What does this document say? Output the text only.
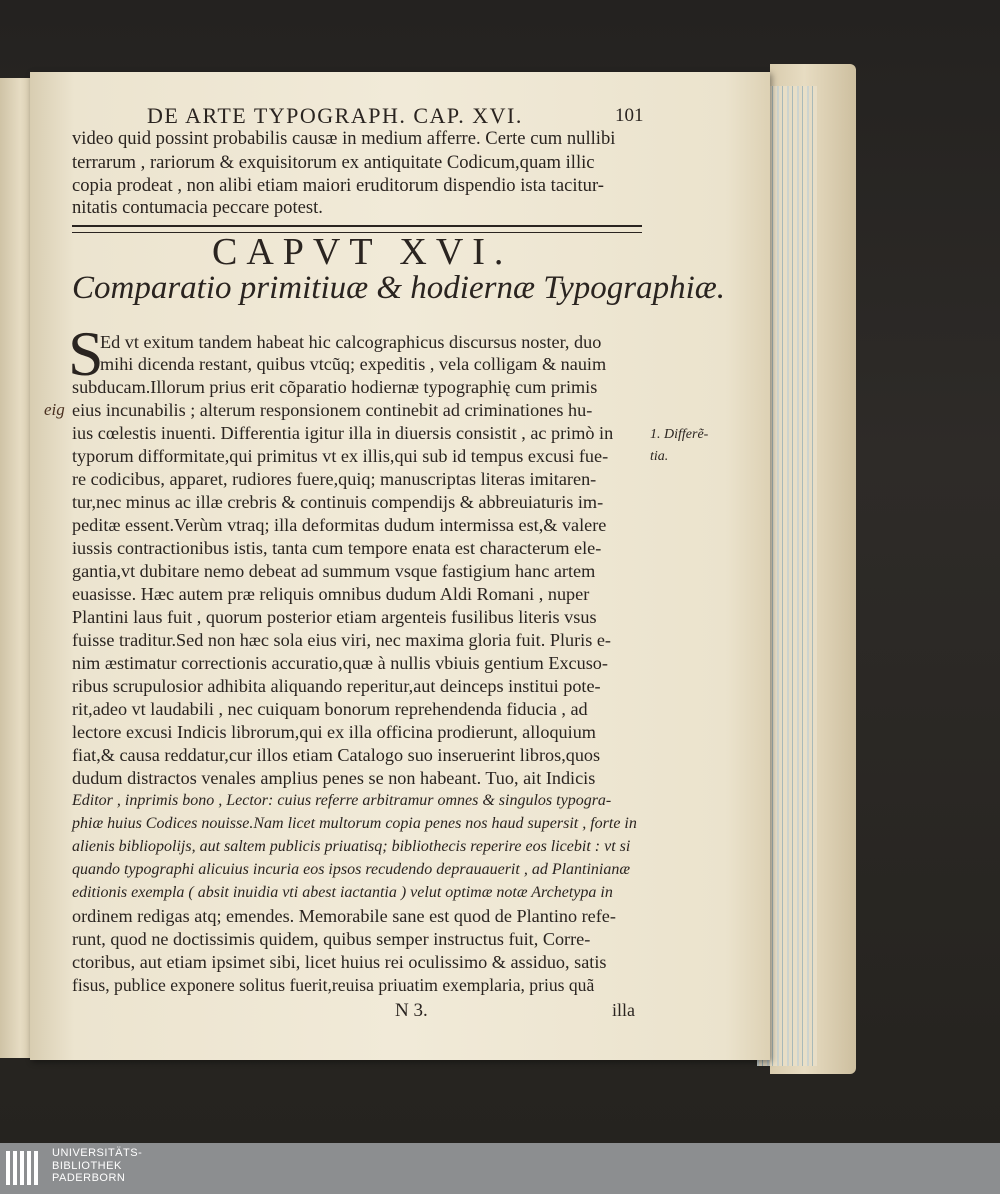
DE ARTE TYPOGRAPH. CAP. XVI.	101
video quid possint probabilis causæ in medium afferre. Certe cum nullibi
terrarum , rariorum & exquisitorum ex antiquitate Codicum,quam illic
copia prodeat , non alibi etiam maiori eruditorum dispendio ista tacitur-
nitatis contumacia peccare potest.
CAPVT XVI.
Comparatio primitiuæ & hodiernæ Typographiæ.
S
eig
Ed vt exitum tandem habeat hic calcographicus discursus noster, duo
mihi dicenda restant, quibus vtcũq; expeditis , vela colligam & nauim
subducam.Illorum prius erit cõparatio hodiernæ typographię cum primis
eius incunabilis ; alterum responsionem continebit ad criminationes hu-
ius cœlestis inuenti. Differentia igitur illa in diuersis consistit , ac primò in
typorum difformitate,qui primitus vt ex illis,qui sub id tempus excusi fue-
re codicibus, apparet, rudiores fuere,quiq; manuscriptas literas imitaren-
tur,nec minus ac illæ crebris & continuis compendijs & abbreuiaturis im-
peditæ essent.Verùm vtraq; illa deformitas dudum intermissa est,& valere
iussis contractionibus istis, tanta cum tempore enata est characterum ele-
gantia,vt dubitare nemo debeat ad summum vsque fastigium hanc artem
euasisse. Hæc autem præ reliquis omnibus dudum Aldi Romani , nuper
Plantini laus fuit , quorum posterior etiam argenteis fusilibus literis vsus
fuisse traditur.Sed non hæc sola eius viri, nec maxima gloria fuit. Pluris e-
nim æstimatur correctionis accuratio,quæ à nullis vbiuis gentium Excuso-
ribus scrupulosior adhibita aliquando reperitur,aut deinceps institui pote-
rit,adeo vt laudabili , nec cuiquam bonorum reprehendenda fiducia , ad
lectore excusi Indicis librorum,qui ex illa officina prodierunt, alloquium
fiat,& causa reddatur,cur illos etiam Catalogo suo inseruerint libros,quos
dudum distractos venales amplius penes se non habeant. Tuo, ait Indicis
Editor , inprimis bono , Lector: cuius referre arbitramur omnes & singulos typogra-
phiæ huius Codices nouisse.Nam licet multorum copia penes nos haud supersit , forte in
alienis bibliopolijs, aut saltem publicis priuatisq; bibliothecis reperire eos licebit : vt si
quando typographi alicuius incuria eos ipsos recudendo deprauauerit , ad Plantinianæ
editionis exempla ( absit inuidia vti abest iactantia ) velut optimæ notæ Archetypa in
ordinem redigas atq; emendes. Memorabile sane est quod de Plantino refe-
runt, quod ne doctissimis quidem, quibus semper instructus fuit, Corre-
ctoribus, aut etiam ipsimet sibi, licet huius rei oculissimo & assiduo, satis
fisus, publice exponere solitus fuerit,reuisa priuatim exemplaria, prius quã
1. Differẽ-
tia.
N 3.	illa
UNIVERSITÄTS-
BIBLIOTHEK
PADERBORN
